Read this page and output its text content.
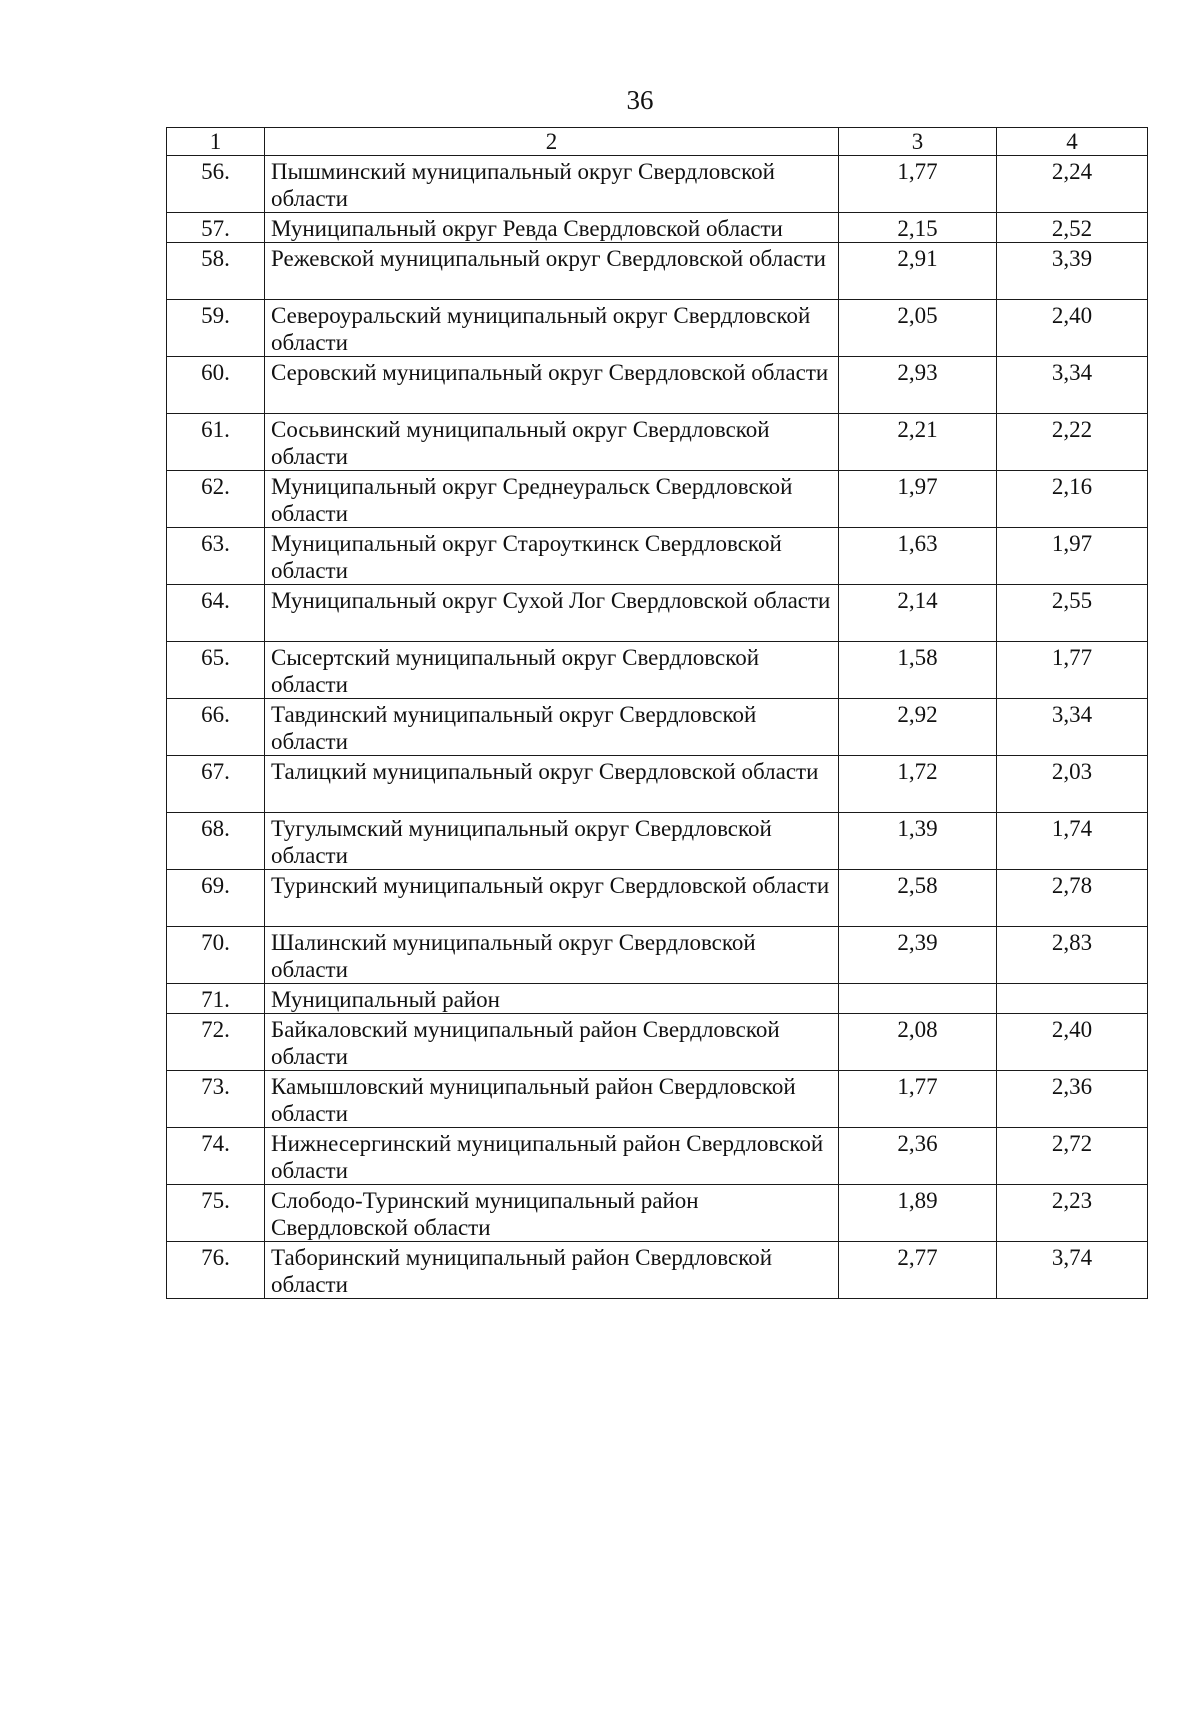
36
1	2	3	4
56.	Пышминский муниципальный округ Свердловской области	1,77	2,24
57.	Муниципальный округ Ревда Свердловской области	2,15	2,52
58.	Режевской муниципальный округ Свердловской области	2,91	3,39
59.	Североуральский муниципальный округ Свердловской области	2,05	2,40
60.	Серовский муниципальный округ Свердловской области	2,93	3,34
61.	Сосьвинский муниципальный округ Свердловской области	2,21	2,22
62.	Муниципальный округ Среднеуральск Свердловской области	1,97	2,16
63.	Муниципальный округ Староуткинск Свердловской области	1,63	1,97
64.	Муниципальный округ Сухой Лог Свердловской области	2,14	2,55
65.	Сысертский муниципальный округ Свердловской области	1,58	1,77
66.	Тавдинский муниципальный округ Свердловской области	2,92	3,34
67.	Талицкий муниципальный округ Свердловской области	1,72	2,03
68.	Тугулымский муниципальный округ Свердловской области	1,39	1,74
69.	Туринский муниципальный округ Свердловской области	2,58	2,78
70.	Шалинский муниципальный округ Свердловской области	2,39	2,83
71.	Муниципальный район		
72.	Байкаловский муниципальный район Свердловской области	2,08	2,40
73.	Камышловский муниципальный район Свердловской области	1,77	2,36
74.	Нижнесергинский муниципальный район Свердловской области	2,36	2,72
75.	Слободо-Туринский муниципальный район Свердловской области	1,89	2,23
76.	Таборинский муниципальный район Свердловской области	2,77	3,74
